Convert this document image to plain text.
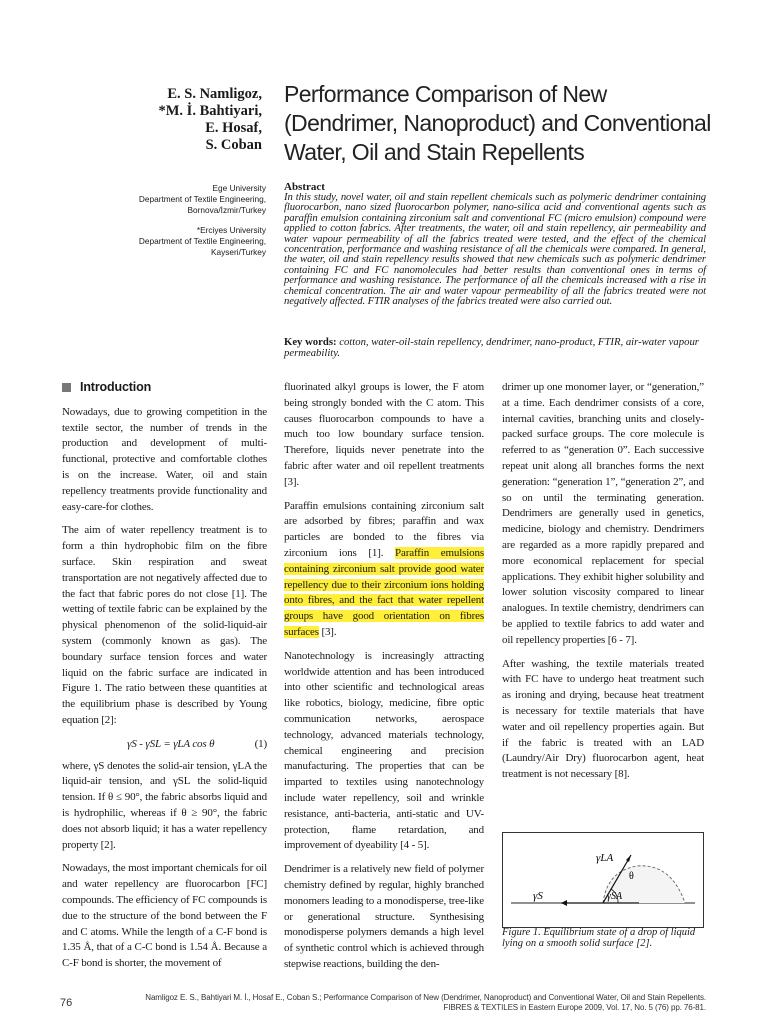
E. S. Namligoz,
*M. İ. Bahtiyari,
E. Hosaf,
S. Coban
Performance Comparison of New (Dendrimer, Nanoproduct) and Conventional Water, Oil and Stain Repellents
Ege University
Department of Textile Engineering,
Bornova/İzmir/Turkey
*Erciyes University
Department of Textile Engineering,
Kayseri/Turkey
Abstract
In this study, novel water, oil and stain repellent chemicals such as polymeric dendrimer containing fluorocarbon, nano sized fluorocarbon polymer, nano-silica acid and conventional agents such as paraffin emulsion containing zirconium salt and conventional FC (micro emulsion) compound were applied to cotton fabrics. After treatments, the water, oil and stain repellency, air permeability and water vapour permeability of all the fabrics treated were tested, and the effect of the chemical concentration, performance and washing resistance of all the chemicals were compared. In general, the water, oil and stain repellency results showed that new chemicals such as polymeric dendrimer containing FC and FC nanomolecules had better results than conventional ones in terms of performance and washing resistance. The performance of all the chemicals increased with a rise in chemical concentration. The air and water vapour permeability of all the fabrics treated were not negatively affected. FTIR analyses of the fabrics treated were also carried out.
Key words: cotton, water-oil-stain repellency, dendrimer, nano-product, FTIR, air-water vapour permeability.

Introduction

Nowadays, due to growing competition in the textile sector, the number of trends in the production and development of multi-functional, protective and comfortable clothes is on the increase. Water, oil and stain repellency treatments provide functionality and easy-care-for clothes.

The aim of water repellency treatment is to form a thin hydrophobic film on the fibre surface. Skin respiration and sweat transportation are not negatively affected due to the fact that fabric pores do not close [1]. The wetting of textile fabric can be explained by the physical phenomenon of the solid-liquid-air system (commonly known as gas). The boundary surface tension forces and water liquid on the fabric surface are indicated in Figure 1. The ratio between these quantities at the equilibrium phase is described by Young equation [2]:

γS - γSL = γLA cos θ	(1)

where, γS denotes the solid-air tension, γLA the liquid-air tension, and γSL the solid-liquid tension. If θ ≤ 90°, the fabric absorbs liquid and is hydrophilic, whereas if θ ≥ 90°, the fabric does not absorb liquid; it has a water repellency property [2].

Nowadays, the most important chemicals for oil and water repellency are fluorocarbon [FC] compounds. The efficiency of FC compounds is due to the structure of the bond between the F and C atoms. While the length of a C-F bond is 1.35 Å, that of a C-C bond is 1.54 Å. Because a C-F bond is shorter, the movement of

fluorinated alkyl groups is lower, the F atom being strongly bonded with the C atom. This causes fluorocarbon compounds to have a much too low boundary surface tension. Therefore, liquids never penetrate into the fabric after water and oil repellent treatments [3].

Paraffin emulsions containing zirconium salt are adsorbed by fibres; paraffin and wax particles are bonded to the fibres via zirconium ions [1]. Paraffin emulsions containing zirconium salt provide good water repellency due to their zirconium ions holding onto fibres, and the fact that water repellent groups have good orientation on fibres surfaces [3].

Nanotechnology is increasingly attracting worldwide attention and has been introduced into other scientific and technological areas like robotics, biology, medicine, fibre optic communication networks, aerospace technology, advanced materials technology, chemical engineering and precision manufacturing. The properties that can be imparted to textiles using nanotechnology include water repellency, soil and wrinkle resistance, anti-bacteria, anti-static and UV-protection, flame retardation, and improvement of dyeability [4 - 5].

Dendrimer is a relatively new field of polymer chemistry defined by regular, highly branched monomers leading to a monodisperse, tree-like or generational structure. Synthesising monodisperse polymers demands a high level of synthetic control which is achieved through stepwise reactions, building the den-

drimer up one monomer layer, or “generation,” at a time. Each dendrimer consists of a core, internal cavities, branching units and closely-packed surface groups. The core molecule is referred to as “generation 0”. Each successive repeat unit along all branches forms the next generation: “generation 1”, “generation 2”, and so on until the terminating generation. Dendrimers are generally used in genetics, medicine, biology and chemistry. Dendrimers are regarded as a more rapidly prepared and more economical replacement for special applications. They exhibit higher solubility and lower solution viscosity compared to linear analogues. In textile chemistry, dendrimers can be applied to textile fabrics to add water and oil repellency properties [6 - 7].

After washing, the textile materials treated with FC have to undergo heat treatment such as ironing and drying, because heat treatment is necessary for textile materials that have water and oil repellency properties again. But if the fabric is treated with an LAD (Laundry/Air Dry) fluorocarbon agent, heat treatment is not necessary [8].

γLA
θ
γS	γSA
Figure 1. Equilibrium state of a drop of liquid lying on a smooth solid surface [2].
76	Namligoz E. S., Bahtiyari M. İ., Hosaf E., Coban S.; Performance Comparison of New (Dendrimer, Nanoproduct) and Conventional Water, Oil and Stain Repellents.
FIBRES & TEXTILES in Eastern Europe 2009, Vol. 17, No. 5 (76) pp. 76-81.
